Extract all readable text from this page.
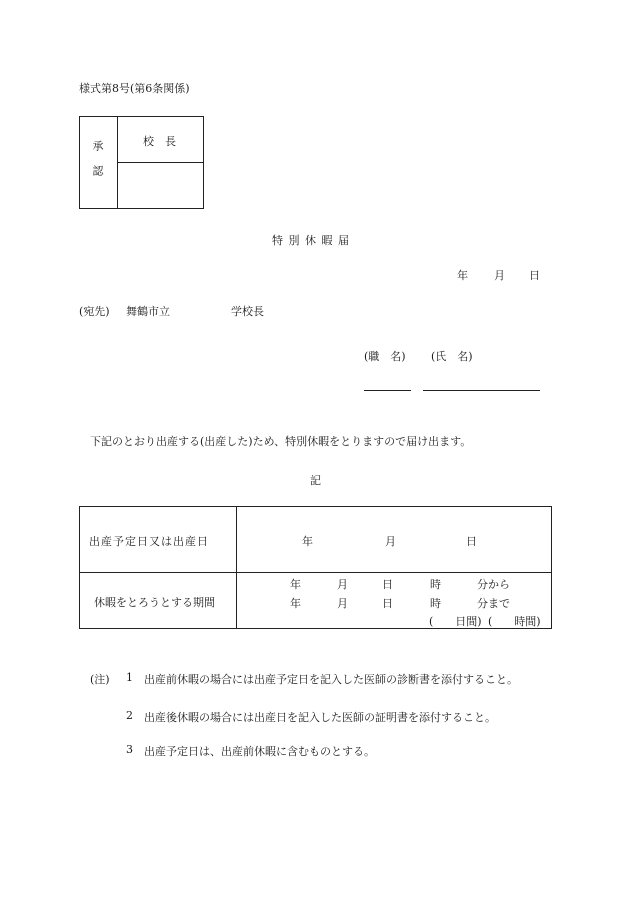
様式第8号(第6条関係)
承認	校　長
特 別 休 暇 届
年 月 日
(宛先) 舞鶴市立	学校長
(職　名) (氏　名)
下記のとおり出産する(出産した)ため、特別休暇をとりますので届け出ます。
記
出産予定日又は出産日	年	月	日
休暇をとろうとする期間
年	月	日	時	分から
年	月	日	時	分まで
(　　日間) (　　時間)
(注) 1 出産前休暇の場合には出産予定日を記入した医師の診断書を添付すること。
2 出産後休暇の場合には出産日を記入した医師の証明書を添付すること。
3 出産予定日は、出産前休暇に含むものとする。
